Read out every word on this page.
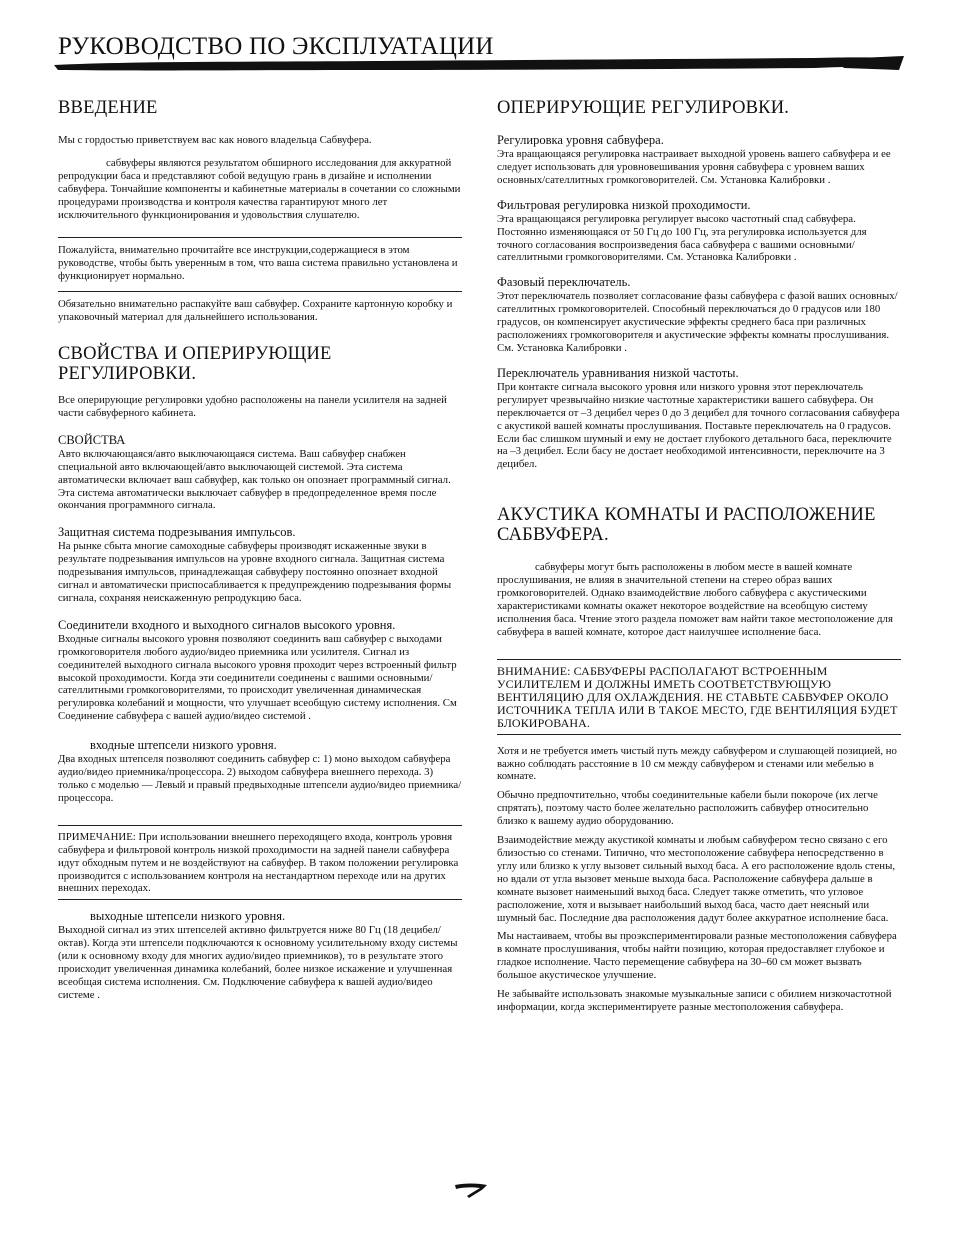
РУКОВОДСТВО ПО ЭКСПЛУАТАЦИИ
ВВЕДЕНИЕ

Мы с гордостью приветствуем вас как нового владельца Сабвуфера.

сабвуферы являются результатом обширного исследования для аккуратной репродукции баса и представляют собой ведущую грань в дизайне и исполнении сабвуфера. Тончайшие компоненты и кабинетные материалы в сочетании со сложными процедурами производства и контроля качества гарантируют много лет исключительного функционирования и удовольствия слушателю.

Пожалуйста, внимательно прочитайте все инструкции,содержащиеся в этом руководстве, чтобы быть уверенным в том, что ваша система правильно установлена и функционирует нормально.

Обязательно внимательно распакуйте ваш сабвуфер. Сохраните картонную коробку и упаковочный материал для дальнейшего использования.

СВОЙСТВА И ОПЕРИРУЮЩИЕ РЕГУЛИРОВКИ.

Все оперирующие регулировки удобно расположены на панели усилителя на задней части сабвуферного кабинета.

СВОЙСТВА

Авто включающаяся/авто выключающаяся система. Ваш сабвуфер снабжен специальной авто включающей/авто выключающей системой. Эта система автоматически включает ваш сабвуфер, как только он опознает программный сигнал. Эта система автоматически выключает сабвуфер в предопределенное время после окончания программного сигнала.

Защитная система подрезывания импульсов.

На рынке сбыта многие самоходные сабвуферы производят искаженные звуки в результате подрезывания импульсов на уровне входного сигнала. Защитная система подрезывания импульсов, принадлежащая сабвуферу постоянно опознает входной сигнал и автоматически приспосабливается к предупреждению подрезывания формы сигнала, сохраняя неискаженную репродукцию баса.

Соединители входного и выходного сигналов высокого уровня.

Входные сигналы высокого уровня позволяют соединить ваш сабвуфер с выходами громкоговорителя любого аудио/видео приемника или усилителя. Сигнал из соединителей выходного сигнала высокого уровня проходит через встроенный фильтр высокой проходимости. Когда эти соединители соединены с вашими основными/сателлитными громкоговорителями, то происходит увеличенная динамическая регулировка колебаний и мощности, что улучшает всеобщую систему исполнения. См Соединение сабвуфера с вашей аудио/видео системой .

входные штепсели низкого уровня.

Два входных штепселя позволяют соединить сабвуфер с: 1) моно выходом сабвуфера аудио/видео приемника/процессора. 2) выходом сабвуфера внешнего перехода. 3) только с моделью — Левый и правый предвыходные штепсели аудио/видео приемника/процессора.

ПРИМЕЧАНИЕ: При использовании внешнего переходящего входа, контроль уровня сабвуфера и фильтровой контроль низкой проходимости на задней панели сабвуфера идут обходным путем и не воздействуют на сабвуфер. В таком положении регулировка производится с использованием контроля на нестандартном переходе или на других внешних переходах.

выходные штепсели низкого уровня.

Выходной сигнал из этих штепселей активно фильтруется ниже 80 Гц (18 децибел/октав). Когда эти штепсели подключаются к основному усилительному входу системы (или к основному входу для многих аудио/видео приемников), то в результате этого происходит увеличенная динамика колебаний, более низкое искажение и улучшенная всеобщая система исполнения. См. Подключение сабвуфера к вашей аудио/видео системе .

ОПЕРИРУЮЩИЕ РЕГУЛИРОВКИ.
Регулировка уровня сабвуфера.

Эта вращающаяся регулировка настраивает выходной уровень вашего сабвуфера и ее следует использовать для уровновешивания уровня сабвуфера с уровнем ваших основных/сателлитных громкоговорителей. См. Установка Калибровки .

Фильтровая регулировка низкой проходимости.

Эта вращающаяся регулировка регулирует высоко частотный спад сабвуфера. Постоянно изменяющаяся от 50 Гц до 100 Гц, эта регулировка используется для точного согласования воспроизведения баса сабвуфера с вашими основными/сателлитными громкоговорителями. См. Установка Калибровки .

Фазовый переключатель.

Этот переключатель позволяет согласование фазы сабвуфера с фазой ваших основных/сателлитных громкоговорителей. Способный переключаться до 0 градусов или 180 градусов, он компенсирует акустические эффекты среднего баса при различных расположениях громкоговорителя и акустические эффекты комнаты прослушивания. См. Установка Калибровки .

Переключатель уравнивания низкой частоты.

При контакте сигнала высокого уровня или низкого уровня этот переключатель регулирует чрезвычайно низкие частотные характеристики вашего сабвуфера. Он переключается от –3 децибел через 0 до 3 децибел для точного согласования сабвуфера с акустикой вашей комнаты прослушивания. Поставьте переключатель на 0 градусов. Если бас слишком шумный и ему не достает глубокого детального баса, переключите на –3 децибел. Если басу не достает необходимой интенсивности, переключите на 3 децибел.

АКУСТИКА КОМНАТЫ И РАСПОЛОЖЕНИЕ САБВУФЕРА.

сабвуферы могут быть расположены в любом месте в вашей комнате прослушивания, не влияя в значительной степени на стерео образ ваших громкоговорителей. Однако взаимодействие любого сабвуфера с акустическими характеристиками комнаты окажет некоторое воздействие на всеобщую систему исполнения баса. Чтение этого раздела поможет вам найти такое местоположение для сабвуфера в вашей комнате, которое даст наилучшее исполнение баса.

ВНИМАНИЕ: САБВУФЕРЫ РАСПОЛАГАЮТ ВСТРОЕННЫМ УСИЛИТЕЛЕМ И ДОЛЖНЫ ИМЕТЬ СООТВЕТСТВУЮЩУЮ ВЕНТИЛЯЦИЮ ДЛЯ ОХЛАЖДЕНИЯ. НЕ СТАВЬТЕ САБВУФЕР ОКОЛО ИСТОЧНИКА ТЕПЛА ИЛИ В ТАКОЕ МЕСТО, ГДЕ ВЕНТИЛЯЦИЯ БУДЕТ БЛОКИРОВАНА.

Хотя и не требуется иметь чистый путь между сабвуфером и слушающей позицией, но важно соблюдать расстояние в 10 см между сабвуфером и стенами или мебелью в комнате.

Обычно предпочтительно, чтобы соединительные кабели были покороче (их легче спрятать), поэтому часто более желательно расположить сабвуфер относительно близко к вашему аудио оборудованию.

Взаимодействие между акустикой комнаты и любым сабвуфером тесно связано с его близостью со стенами. Типично, что местоположение сабвуфера непосредственно в углу или близко к углу вызовет сильный выход баса. А его расположение вдоль стены, но вдали от угла вызовет меньше выхода баса. Расположение сабвуфера дальше в комнате вызовет наименьший выход баса. Следует также отметить, что угловое расположение, хотя и вызывает наибольший выход баса, часто дает неясный или шумный бас. Последние два расположения дадут более аккуратное исполнение баса.

Мы настаиваем, чтобы вы проэкспериментировали разные местоположения сабвуфера в комнате прослушивания, чтобы найти позицию, которая предоставляет глубокое и гладкое исполнение. Часто перемещение сабвуфера на 30–60 см может вызвать большое акустическое улучшение.

Не забывайте использовать знакомые музыкальные записи с обилием низкочастотной информации, когда экспериментируете разные местоположения сабвуфера.
